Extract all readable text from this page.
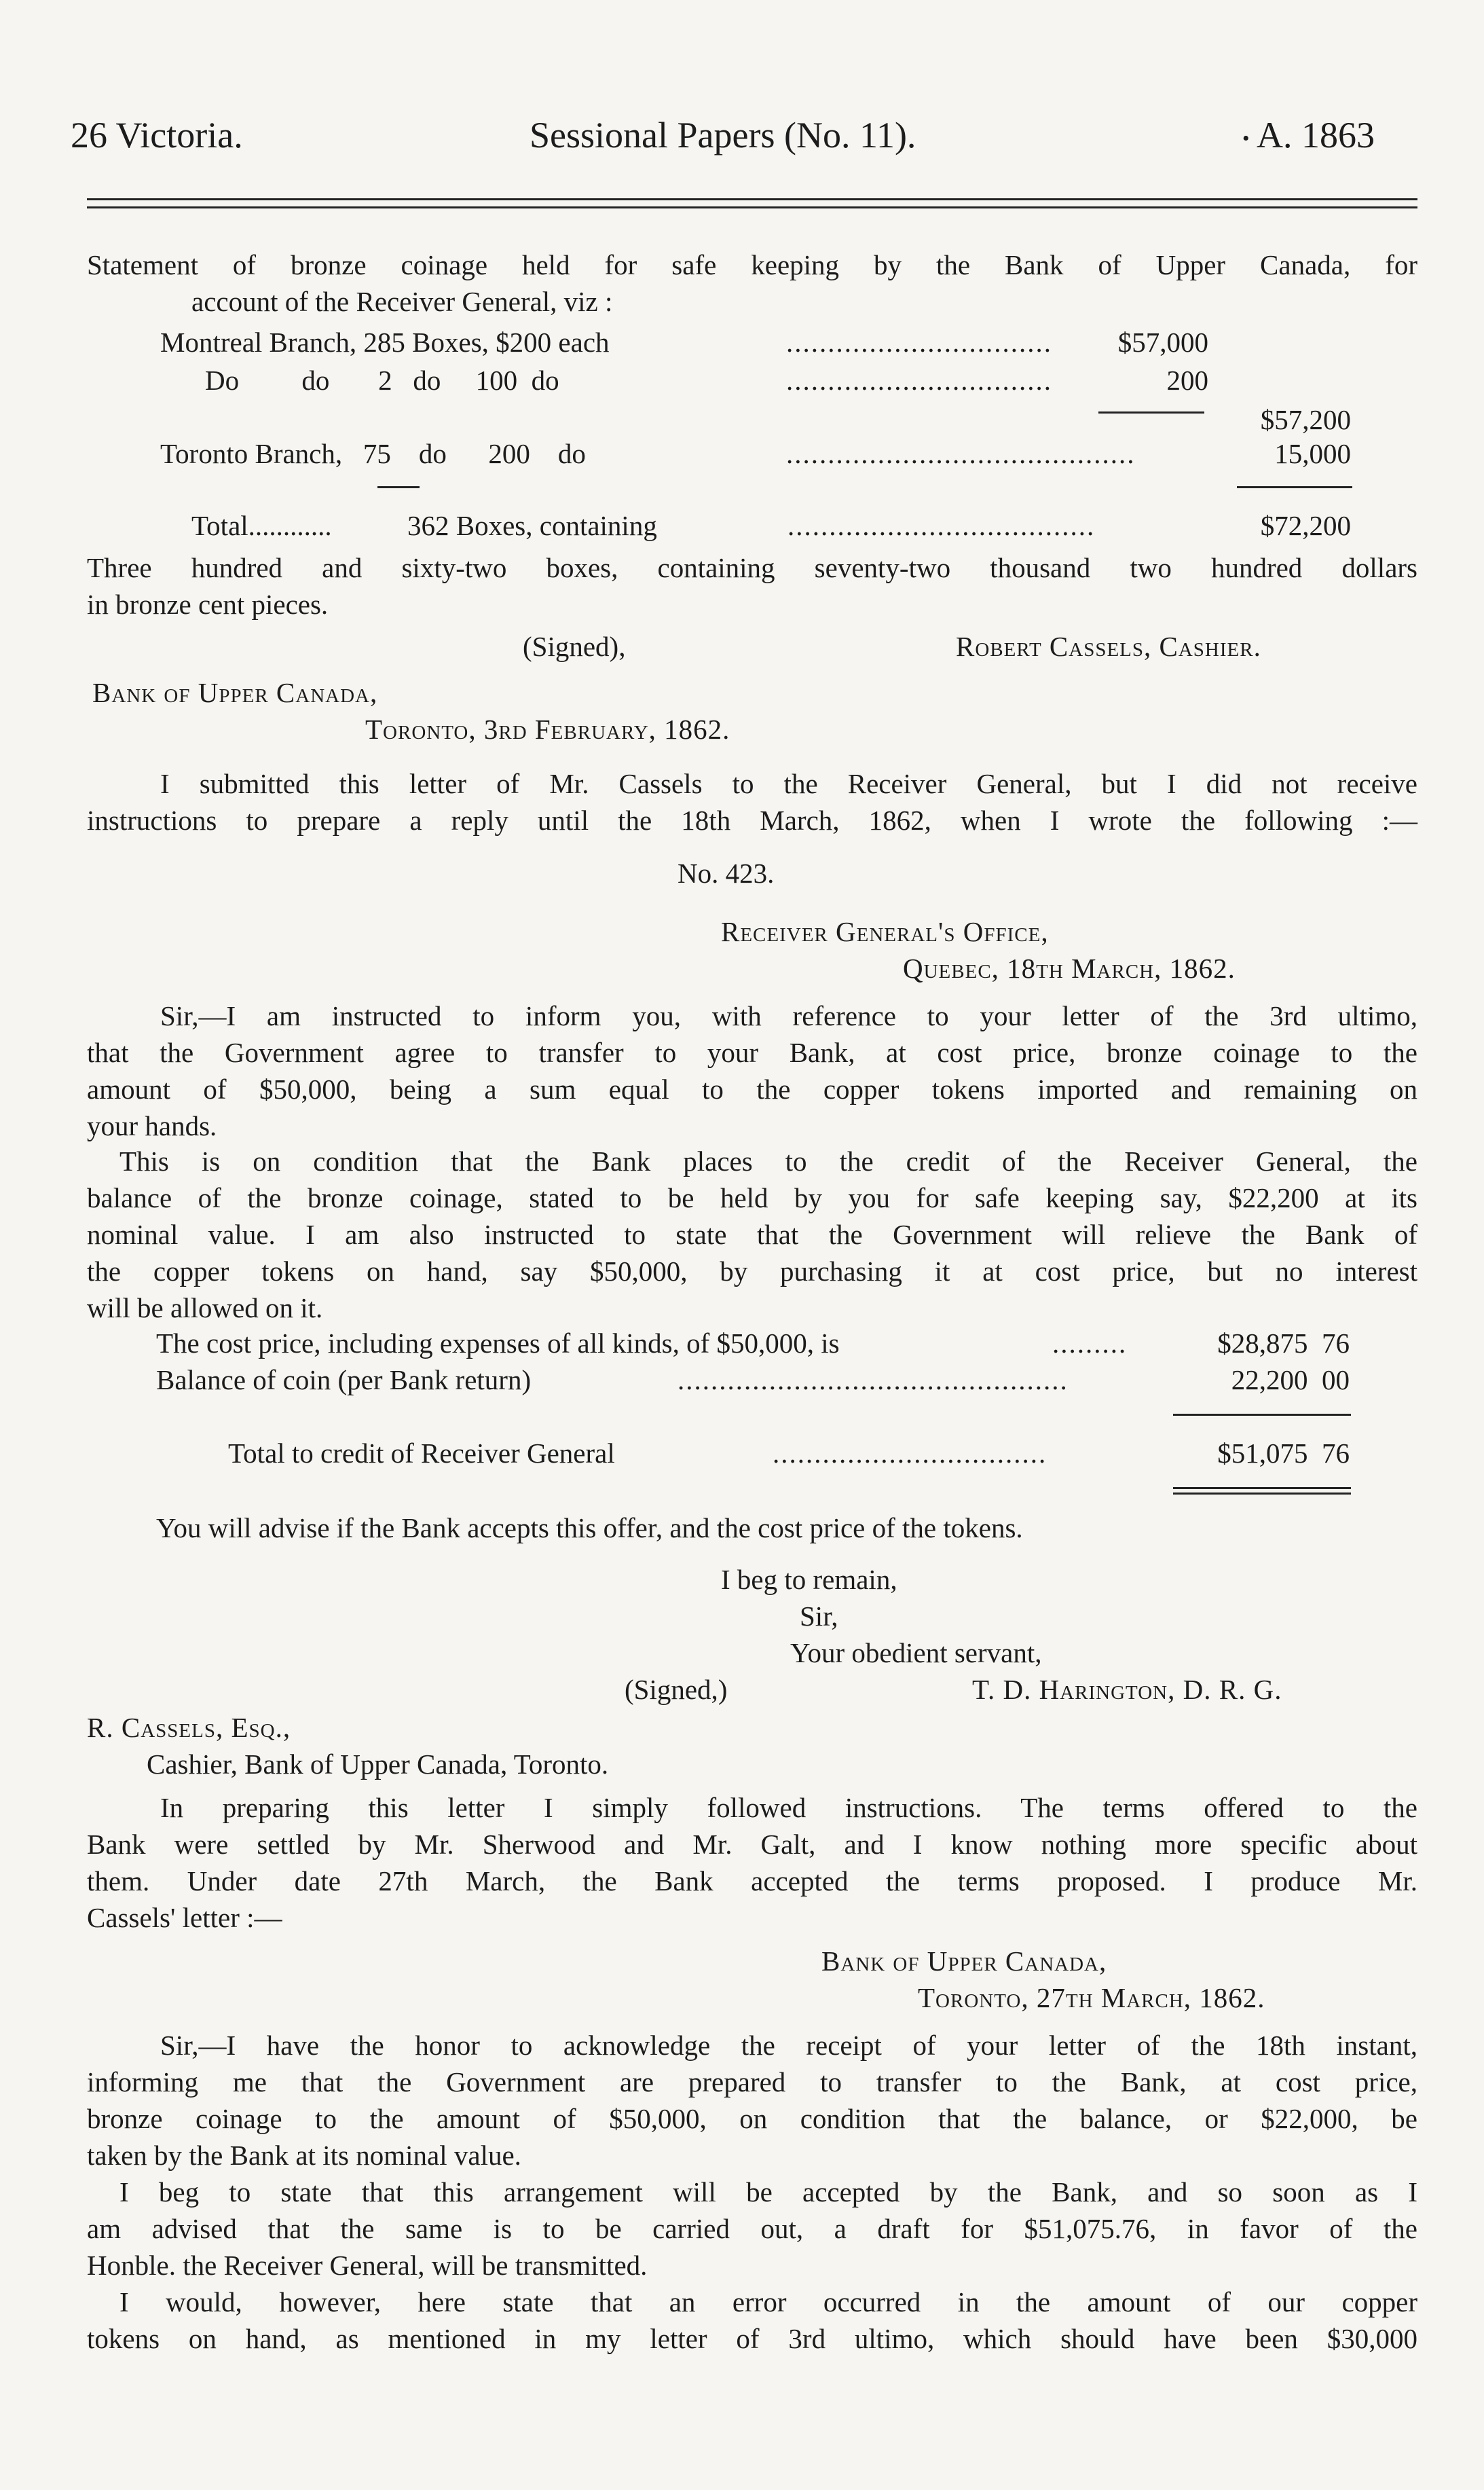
26 Victoria.	Sessional Papers (No. 11).	• A. 1863
Statement of bronze coinage held for safe keeping by the Bank of Upper Canada, for
account of the Receiver General, viz :
Montreal Branch, 285 Boxes, $200 each	................................	$57,000
Do         do       2   do     100  do	................................	200
$57,200
Toronto Branch,   75    do      200    do	..........................................	15,000
Total............	362 Boxes, containing	.....................................	$72,200
Three hundred and sixty-two boxes, containing seventy-two thousand two hundred dollars
in bronze cent pieces.
(Signed),	Robert Cassels, Cashier.
Bank of Upper Canada,
Toronto, 3rd February, 1862.
I submitted this letter of Mr. Cassels to the Receiver General, but I did not receive
instructions to prepare a reply until the 18th March, 1862, when I wrote the following :—
No. 423.
Receiver General's Office,
Quebec, 18th March, 1862.
Sir,—I am instructed to inform you, with reference to your letter of the 3rd ultimo,
that the Government agree to transfer to your Bank, at cost price, bronze coinage to the
amount of $50,000, being a sum equal to the copper tokens imported and remaining on
your hands.
This is on condition that the Bank places to the credit of the Receiver General, the
balance of the bronze coinage, stated to be held by you for safe keeping say, $22,200 at its
nominal value. I am also instructed to state that the Government will relieve the Bank of
the copper tokens on hand, say $50,000, by purchasing it at cost price, but no interest
will be allowed on it.
The cost price, including expenses of all kinds, of $50,000, is	.........	$28,875  76
Balance of coin (per Bank return)	...............................................	22,200  00
Total to credit of Receiver General	.................................	$51,075  76
You will advise if the Bank accepts this offer, and the cost price of the tokens.
I beg to remain,
Sir,
Your obedient servant,
(Signed,)	T. D. Harington, D. R. G.
R. Cassels, Esq.,
Cashier, Bank of Upper Canada, Toronto.
In preparing this letter I simply followed instructions. The terms offered to the
Bank were settled by Mr. Sherwood and Mr. Galt, and I know nothing more specific about
them. Under date 27th March, the Bank accepted the terms proposed. I produce Mr.
Cassels' letter :—
Bank of Upper Canada,
Toronto, 27th March, 1862.
Sir,—I have the honor to acknowledge the receipt of your letter of the 18th instant,
informing me that the Government are prepared to transfer to the Bank, at cost price,
bronze coinage to the amount of $50,000, on condition that the balance, or $22,000, be
taken by the Bank at its nominal value.
I beg to state that this arrangement will be accepted by the Bank, and so soon as I
am advised that the same is to be carried out, a draft for $51,075.76, in favor of the
Honble. the Receiver General, will be transmitted.
I would, however, here state that an error occurred in the amount of our copper
tokens on hand, as mentioned in my letter of 3rd ultimo, which should have been $30,000
